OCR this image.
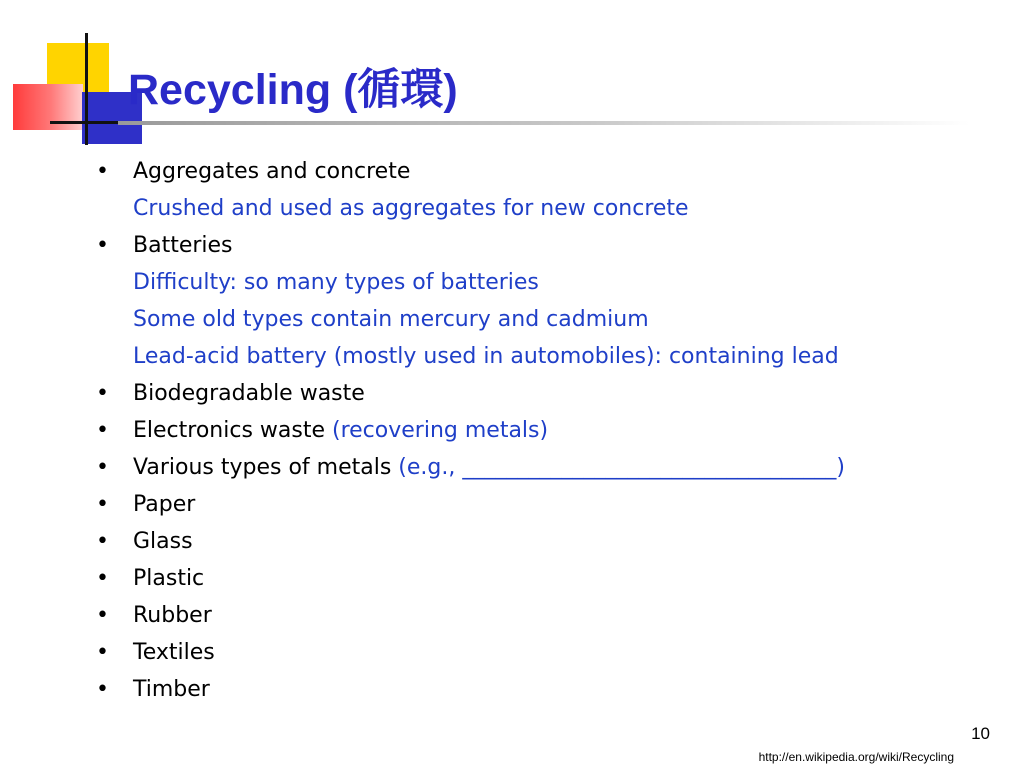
Recycling (循環)
• Aggregates and concrete
Crushed and used as aggregates for new concrete
• Batteries
Difficulty: so many types of batteries
Some old types contain mercury and cadmium
Lead-acid battery (mostly used in automobiles): containing lead
• Biodegradable waste
• Electronics waste (recovering metals)
• Various types of metals (e.g., __________________________________)
• Paper
• Glass
• Plastic
• Rubber
• Textiles
• Timber
10
http://en.wikipedia.org/wiki/Recycling
